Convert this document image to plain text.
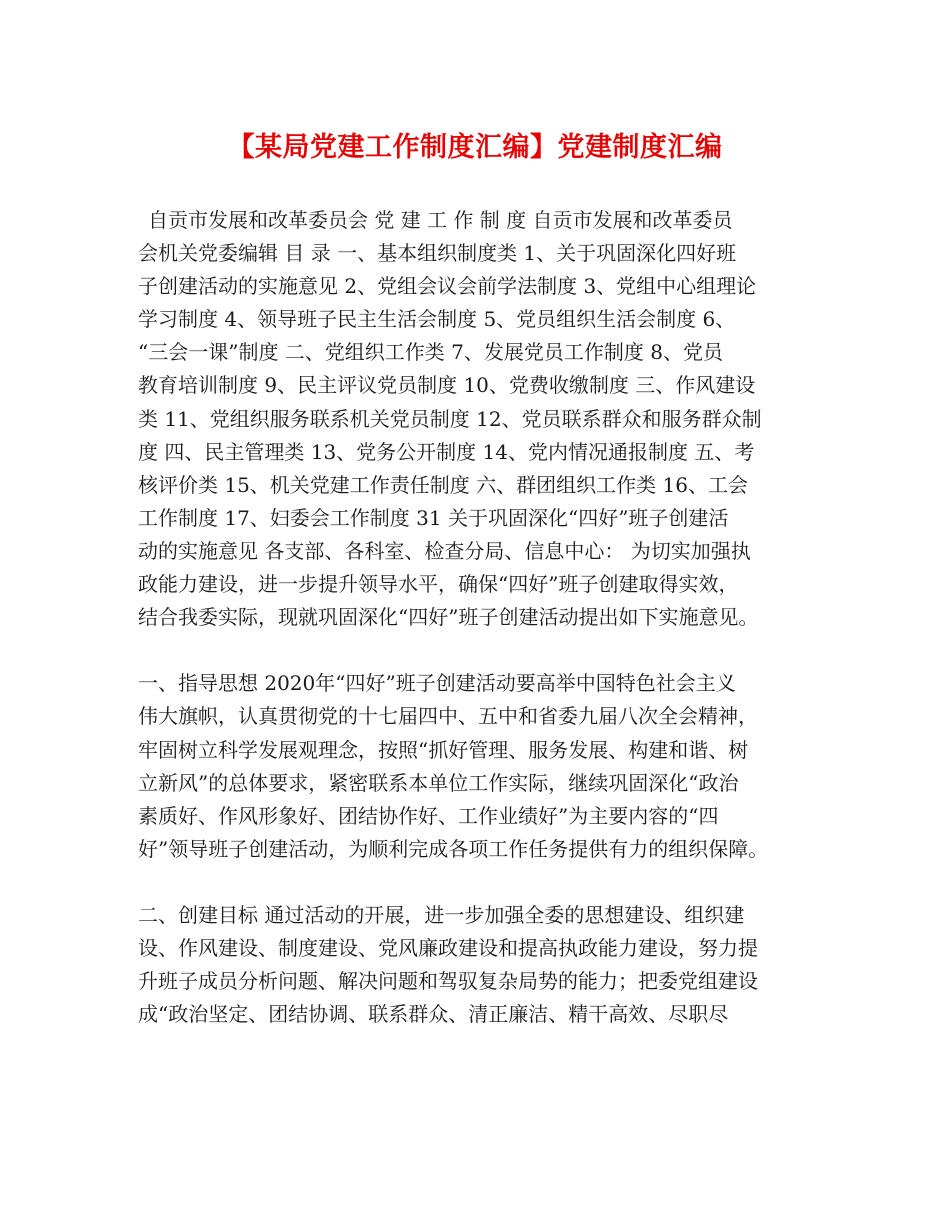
【某局党建工作制度汇编】党建制度汇编
自贡市发展和改革委员会 党 建 工 作 制 度 自贡市发展和改革委员
会机关党委编辑 目 录 一、基本组织制度类 1、关于巩固深化四好班
子创建活动的实施意见 2、党组会议会前学法制度 3、党组中心组理论
学习制度 4、领导班子民主生活会制度 5、党员组织生活会制度 6、
“三会一课”制度 二、党组织工作类 7、发展党员工作制度 8、党员
教育培训制度 9、民主评议党员制度 10、党费收缴制度 三、作风建设
类 11、党组织服务联系机关党员制度 12、党员联系群众和服务群众制
度 四、民主管理类 13、党务公开制度 14、党内情况通报制度 五、考
核评价类 15、机关党建工作责任制度 六、群团组织工作类 16、工会
工作制度 17、妇委会工作制度 31 关于巩固深化“四好”班子创建活
动的实施意见 各支部、各科室、检查分局、信息中心： 为切实加强执
政能力建设，进一步提升领导水平，确保“四好”班子创建取得实效，
结合我委实际，现就巩固深化“四好”班子创建活动提出如下实施意见。
一、指导思想 2020年“四好”班子创建活动要高举中国特色社会主义
伟大旗帜，认真贯彻党的十七届四中、五中和省委九届八次全会精神，
牢固树立科学发展观理念，按照“抓好管理、服务发展、构建和谐、树
立新风”的总体要求，紧密联系本单位工作实际，继续巩固深化“政治
素质好、作风形象好、团结协作好、工作业绩好”为主要内容的“四
好”领导班子创建活动，为顺利完成各项工作任务提供有力的组织保障。
二、创建目标 通过活动的开展，进一步加强全委的思想建设、组织建
设、作风建设、制度建设、党风廉政建设和提高执政能力建设，努力提
升班子成员分析问题、解决问题和驾驭复杂局势的能力；把委党组建设
成“政治坚定、团结协调、联系群众、清正廉洁、精干高效、尽职尽
